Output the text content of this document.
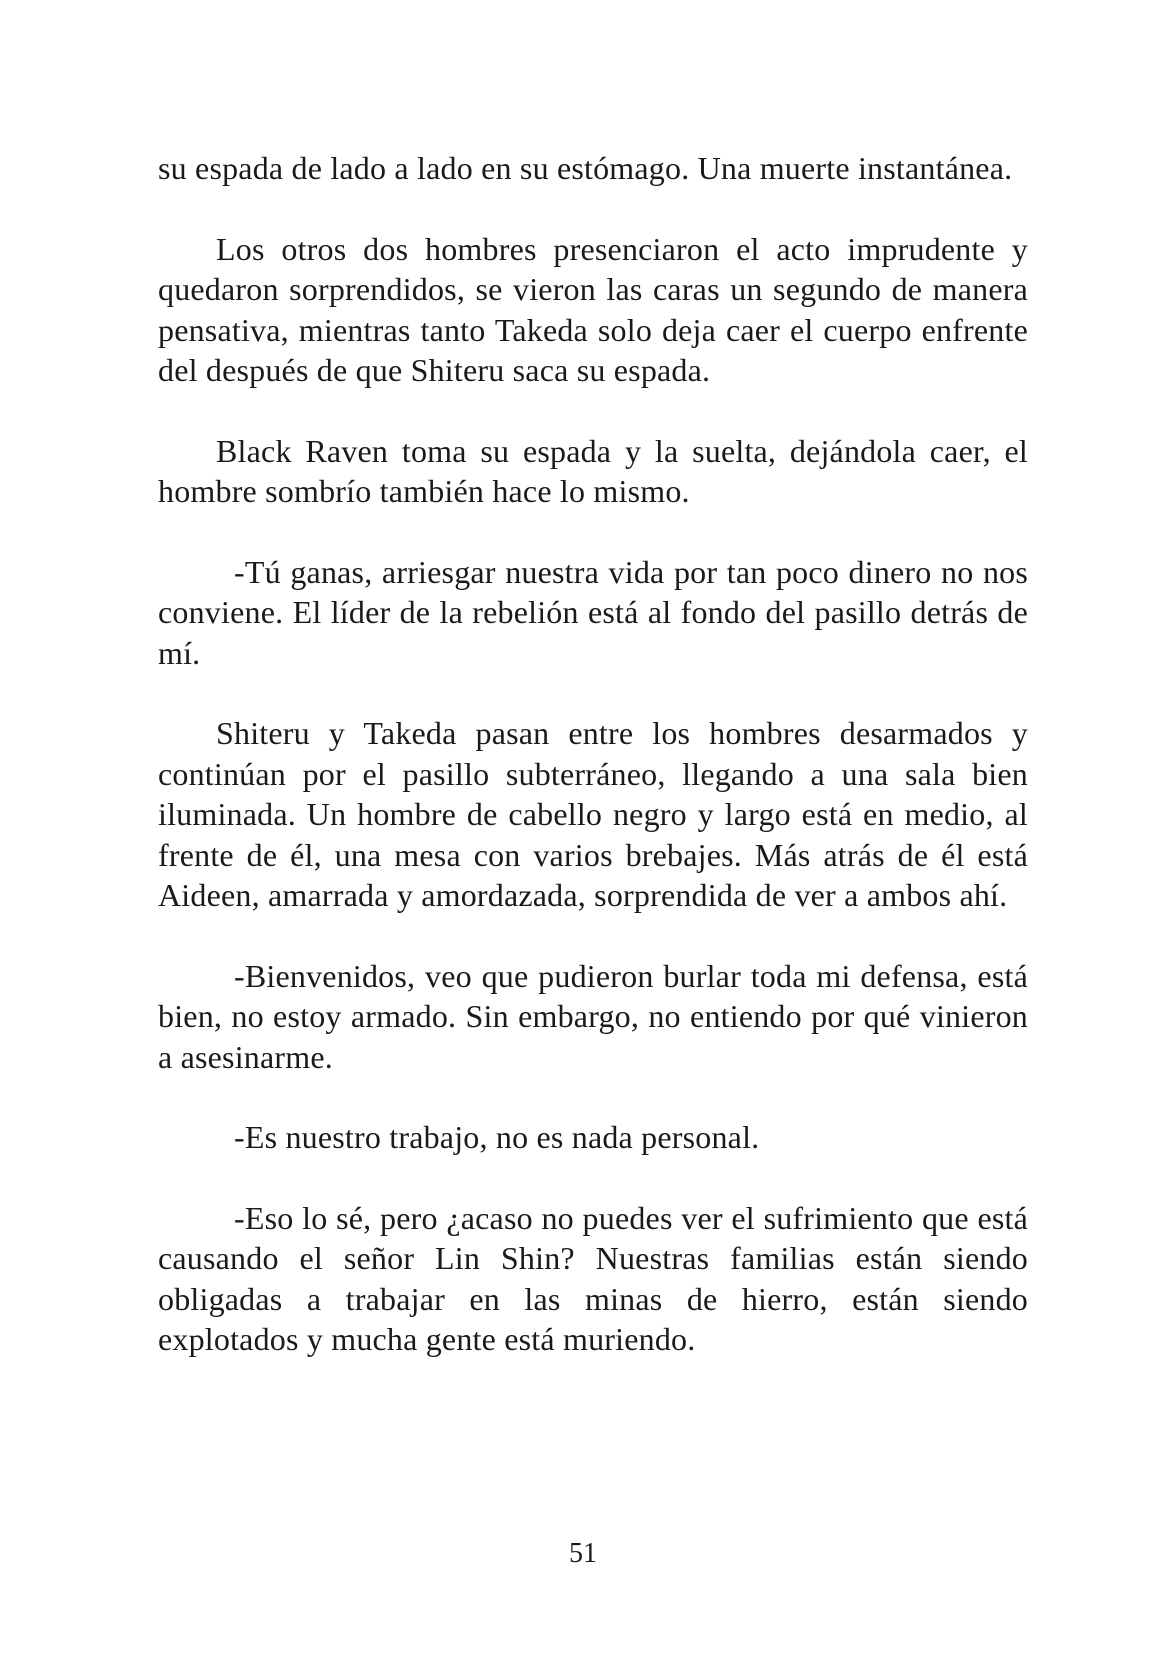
su espada de lado a lado en su estómago. Una muerte instantánea.

Los otros dos hombres presenciaron el acto imprudente y quedaron sorprendidos, se vieron las caras un segundo de manera pensativa, mientras tanto Takeda solo deja caer el cuerpo enfrente del después de que Shiteru saca su espada.

Black Raven toma su espada y la suelta, dejándola caer, el hombre sombrío también hace lo mismo.

-Tú ganas, arriesgar nuestra vida por tan poco dinero no nos conviene. El líder de la rebelión está al fondo del pasillo detrás de mí.

Shiteru y Takeda pasan entre los hombres desarmados y continúan por el pasillo subterráneo, llegando a una sala bien iluminada. Un hombre de cabello negro y largo está en medio, al frente de él, una mesa con varios brebajes. Más atrás de él está Aideen, amarrada y amordazada, sorprendida de ver a ambos ahí.

-Bienvenidos, veo que pudieron burlar toda mi defensa, está bien, no estoy armado. Sin embargo, no entiendo por qué vinieron a asesinarme.

-Es nuestro trabajo, no es nada personal.

-Eso lo sé, pero ¿acaso no puedes ver el sufrimiento que está causando el señor Lin Shin? Nuestras familias están siendo obligadas a trabajar en las minas de hierro, están siendo explotados y mucha gente está muriendo.

51
